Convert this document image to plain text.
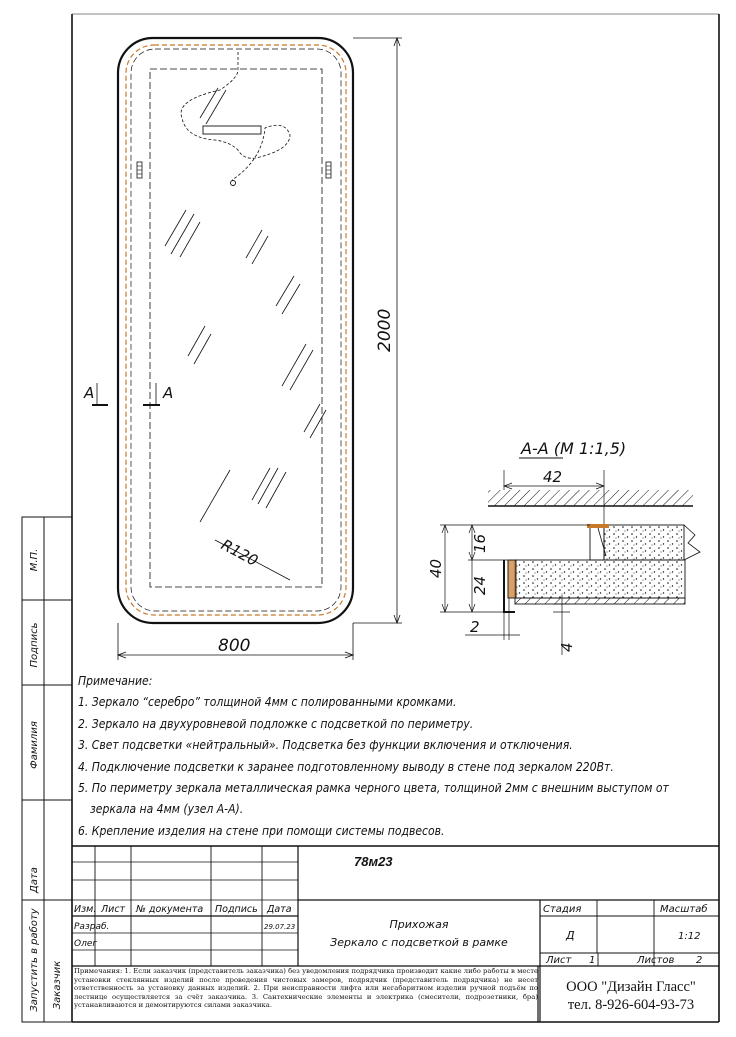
М.П.
Подпись
Фамилия
Дата
Запустить в работу Заказчик
R120
А	А
2000
800
А-А (М 1:1,5)
42
40
16
24
2
4
78м23
Изм. Лист № документа Подпись Дата
Разраб.	29.07.23
Олег
Прихожая
Зеркало с подсветкой в рамке
Стадия	Масштаб
Д	1:12
Лист 1	Листов 2
Примечание:
1. Зеркало “серебро” толщиной 4мм с полированными кромками.
2. Зеркало на двухуровневой подложке с подсветкой по периметру.
3. Свет подсветки «нейтральный». Подсветка без функции включения и отключения.
4. Подключение подсветки к заранее подготовленному выводу в стене под зеркалом 220Вт.
5. По периметру зеркала металлическая рамка черного цвета, толщиной 2мм с внешним выступом от
зеркала на 4мм (узел А-А).
6. Крепление изделия на стене при помощи системы подвесов.
Примечания: 1. Если заказчик (представитель заказчика) без уведомления подрядчика производит какие либо работы в месте установки стеклянных изделий после проведения чистовых замеров, подрядчик (представитель подрядчика) не несет ответственность за установку данных изделий. 2. При неисправности лифта или негабаритном изделии ручной подъём по лестнице осуществляется за счёт заказчика. 3. Сантехнические элементы и электрика (смесители, подрозетники, бра) устанавливаются и демонтируются силами заказчика.
ООО "Дизайн Гласс"
тел. 8-926-604-93-73
